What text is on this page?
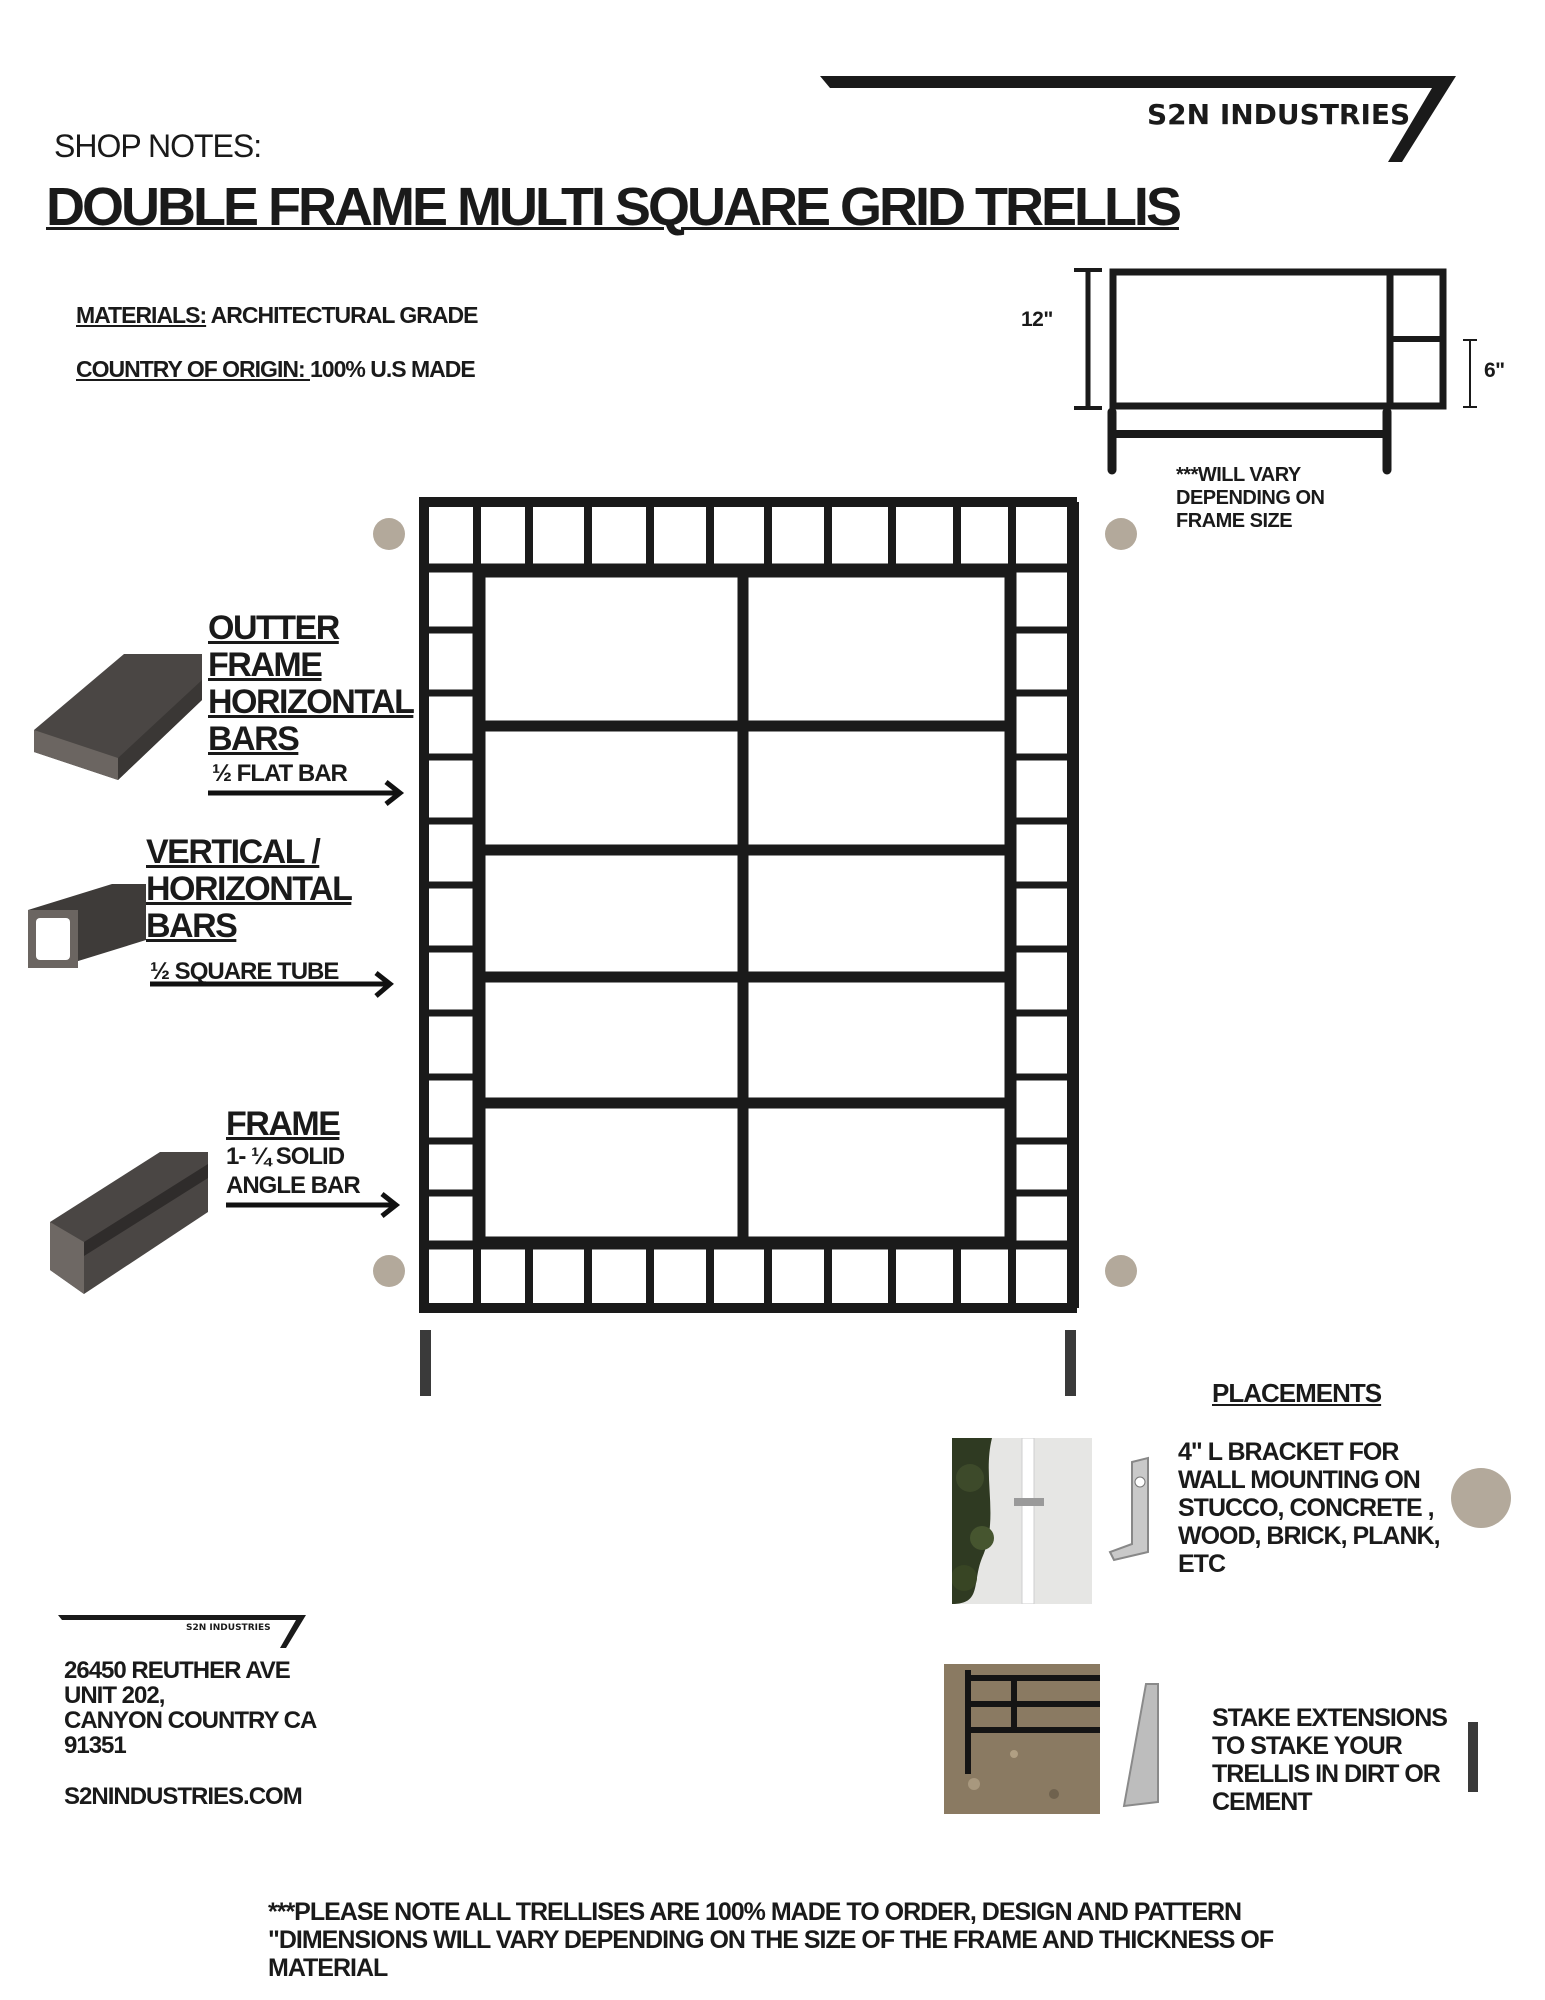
S2N INDUSTRIES
SHOP NOTES:
DOUBLE FRAME MULTI SQUARE GRID TRELLIS
MATERIALS: ARCHITECTURAL GRADE
COUNTRY OF ORIGIN: 100% U.S MADE
12"
6"
***WILL VARY
DEPENDING ON
FRAME SIZE
OUTTER
FRAME
HORIZONTAL
BARS
½ FLAT BAR
VERTICAL /
HORIZONTAL
BARS
½ SQUARE TUBE
FRAME
1- ¼ SOLID
ANGLE BAR
PLACEMENTS
4" L BRACKET FOR
WALL MOUNTING ON
STUCCO, CONCRETE ,
WOOD, BRICK, PLANK,
ETC
STAKE EXTENSIONS
TO STAKE YOUR
TRELLIS IN DIRT OR
CEMENT
S2N INDUSTRIES
26450 REUTHER AVE
UNIT 202,
CANYON COUNTRY CA
91351
S2NINDUSTRIES.COM
***PLEASE NOTE ALL TRELLISES ARE 100% MADE TO ORDER, DESIGN AND PATTERN
"DIMENSIONS WILL VARY DEPENDING ON THE SIZE OF THE FRAME AND THICKNESS OF
MATERIAL
